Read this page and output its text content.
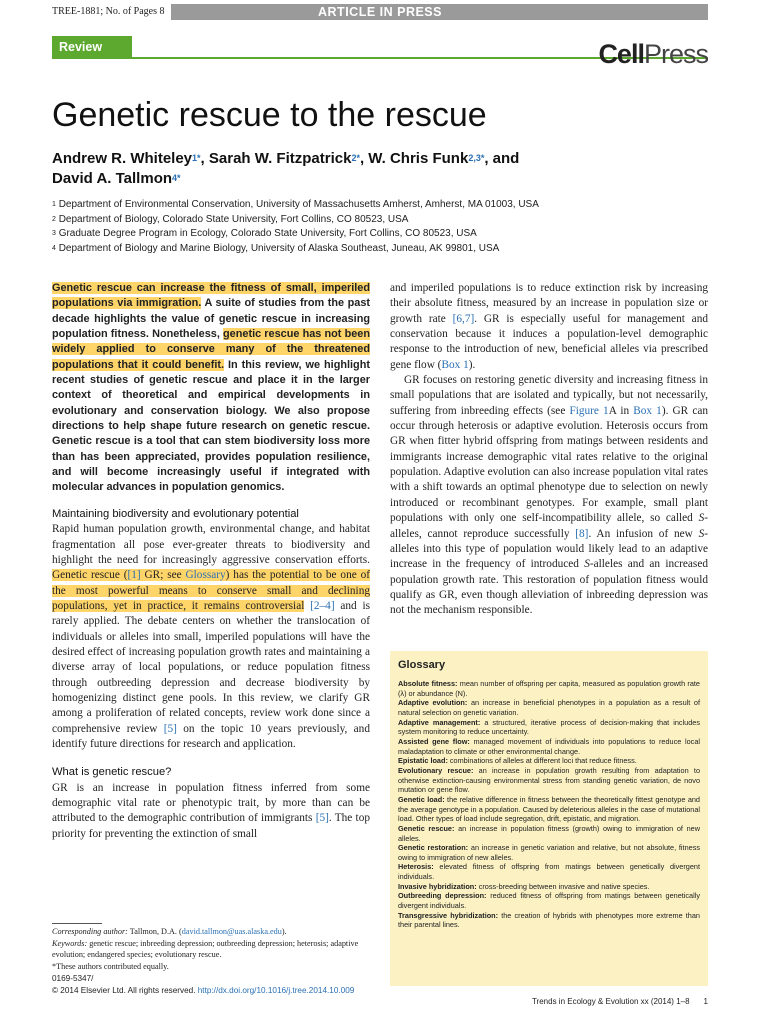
ARTICLE IN PRESS
TREE-1881; No. of Pages 8
Review	CellPress
Genetic rescue to the rescue
Andrew R. Whiteley$^{1*}$, Sarah W. Fitzpatrick$^{2*}$, W. Chris Funk$^{2,3*}$, and
David A. Tallmon$^{4*}$
$^1$ Department of Environmental Conservation, University of Massachusetts Amherst, Amherst, MA 01003, USA
$^2$ Department of Biology, Colorado State University, Fort Collins, CO 80523, USA
$^3$ Graduate Degree Program in Ecology, Colorado State University, Fort Collins, CO 80523, USA
$^4$ Department of Biology and Marine Biology, University of Alaska Southeast, Juneau, AK 99801, USA
Genetic rescue can increase the fitness of small, imperiled populations via immigration. A suite of studies from the past decade highlights the value of genetic rescue in increasing population fitness. Nonetheless, genetic rescue has not been widely applied to conserve many of the threatened populations that it could benefit. In this review, we highlight recent studies of genetic rescue and place it in the larger context of theoretical and empirical developments in evolutionary and conservation biology. We also propose directions to help shape future research on genetic rescue. Genetic rescue is a tool that can stem biodiversity loss more than has been appreciated, provides population resilience, and will become increasingly useful if integrated with molecular advances in population genomics.
Maintaining biodiversity and evolutionary potential
Rapid human population growth, environmental change, and habitat fragmentation all pose ever-greater threats to biodiversity and highlight the need for increasingly aggressive conservation efforts. Genetic rescue ([1] GR; see Glossary) has the potential to be one of the most powerful means to conserve small and declining populations, yet in practice, it remains controversial [2–4] and is rarely applied. The debate centers on whether the translocation of individuals or alleles into small, imperiled populations will have the desired effect of increasing population growth rates and maintaining a diverse array of local populations, or reduce population fitness through outbreeding depression and decrease biodiversity by homogenizing distinct gene pools. In this review, we clarify GR among a proliferation of related concepts, review work done since a comprehensive review [5] on the topic 10 years previously, and identify future directions for research and application.
What is genetic rescue?
GR is an increase in population fitness inferred from some demographic vital rate or phenotypic trait, by more than can be attributed to the demographic contribution of immigrants [5]. The top priority for preventing the extinction of small
and imperiled populations is to reduce extinction risk by increasing their absolute fitness, measured by an increase in population size or growth rate [6,7]. GR is especially useful for management and conservation because it induces a population-level demographic response to the introduction of new, beneficial alleles via prescribed gene flow (Box 1).
GR focuses on restoring genetic diversity and increasing fitness in small populations that are isolated and typically, but not necessarily, suffering from inbreeding effects (see Figure 1A in Box 1). GR can occur through heterosis or adaptive evolution. Heterosis occurs from GR when fitter hybrid offspring from matings between residents and immigrants increase demographic vital rates relative to the original population. Adaptive evolution can also increase population vital rates with a shift towards an optimal phenotype due to selection on newly introduced or recombinant genotypes. For example, small plant populations with only one self-incompatibility allele, so called S-alleles, cannot reproduce successfully [8]. An infusion of new S-alleles into this type of population would likely lead to an adaptive increase in the frequency of introduced S-alleles and an increased population growth rate. This restoration of population fitness would qualify as GR, even though alleviation of inbreeding depression was not the mechanism responsible.
Glossary
Absolute fitness: mean number of offspring per capita, measured as population growth rate (λ) or abundance (N).
Adaptive evolution: an increase in beneficial phenotypes in a population as a result of natural selection on genetic variation.
Adaptive management: a structured, iterative process of decision-making that includes system monitoring to reduce uncertainty.
Assisted gene flow: managed movement of individuals into populations to reduce local maladaptation to climate or other environmental change.
Epistatic load: combinations of alleles at different loci that reduce fitness.
Evolutionary rescue: an increase in population growth resulting from adaptation to otherwise extinction-causing environmental stress from standing genetic variation, de novo mutation or gene flow.
Genetic load: the relative difference in fitness between the theoretically fittest genotype and the average genotype in a population. Caused by deleterious alleles in the case of mutational load. Other types of load include segregation, drift, epistatic, and migration.
Genetic rescue: an increase in population fitness (growth) owing to immigration of new alleles.
Genetic restoration: an increase in genetic variation and relative, but not absolute, fitness owing to immigration of new alleles.
Heterosis: elevated fitness of offspring from matings between genetically divergent individuals.
Invasive hybridization: cross-breeding between invasive and native species.
Outbreeding depression: reduced fitness of offspring from matings between genetically divergent individuals.
Transgressive hybridization: the creation of hybrids with phenotypes more extreme than their parental lines.
Corresponding author: Tallmon, D.A. (david.tallmon@uas.alaska.edu).
Keywords: genetic rescue; inbreeding depression; outbreeding depression; heterosis; adaptive evolution; endangered species; evolutionary rescue.
*These authors contributed equally.
0169-5347/
© 2014 Elsevier Ltd. All rights reserved. http://dx.doi.org/10.1016/j.tree.2014.10.009
Trends in Ecology & Evolution xx (2014) 1–8 1
